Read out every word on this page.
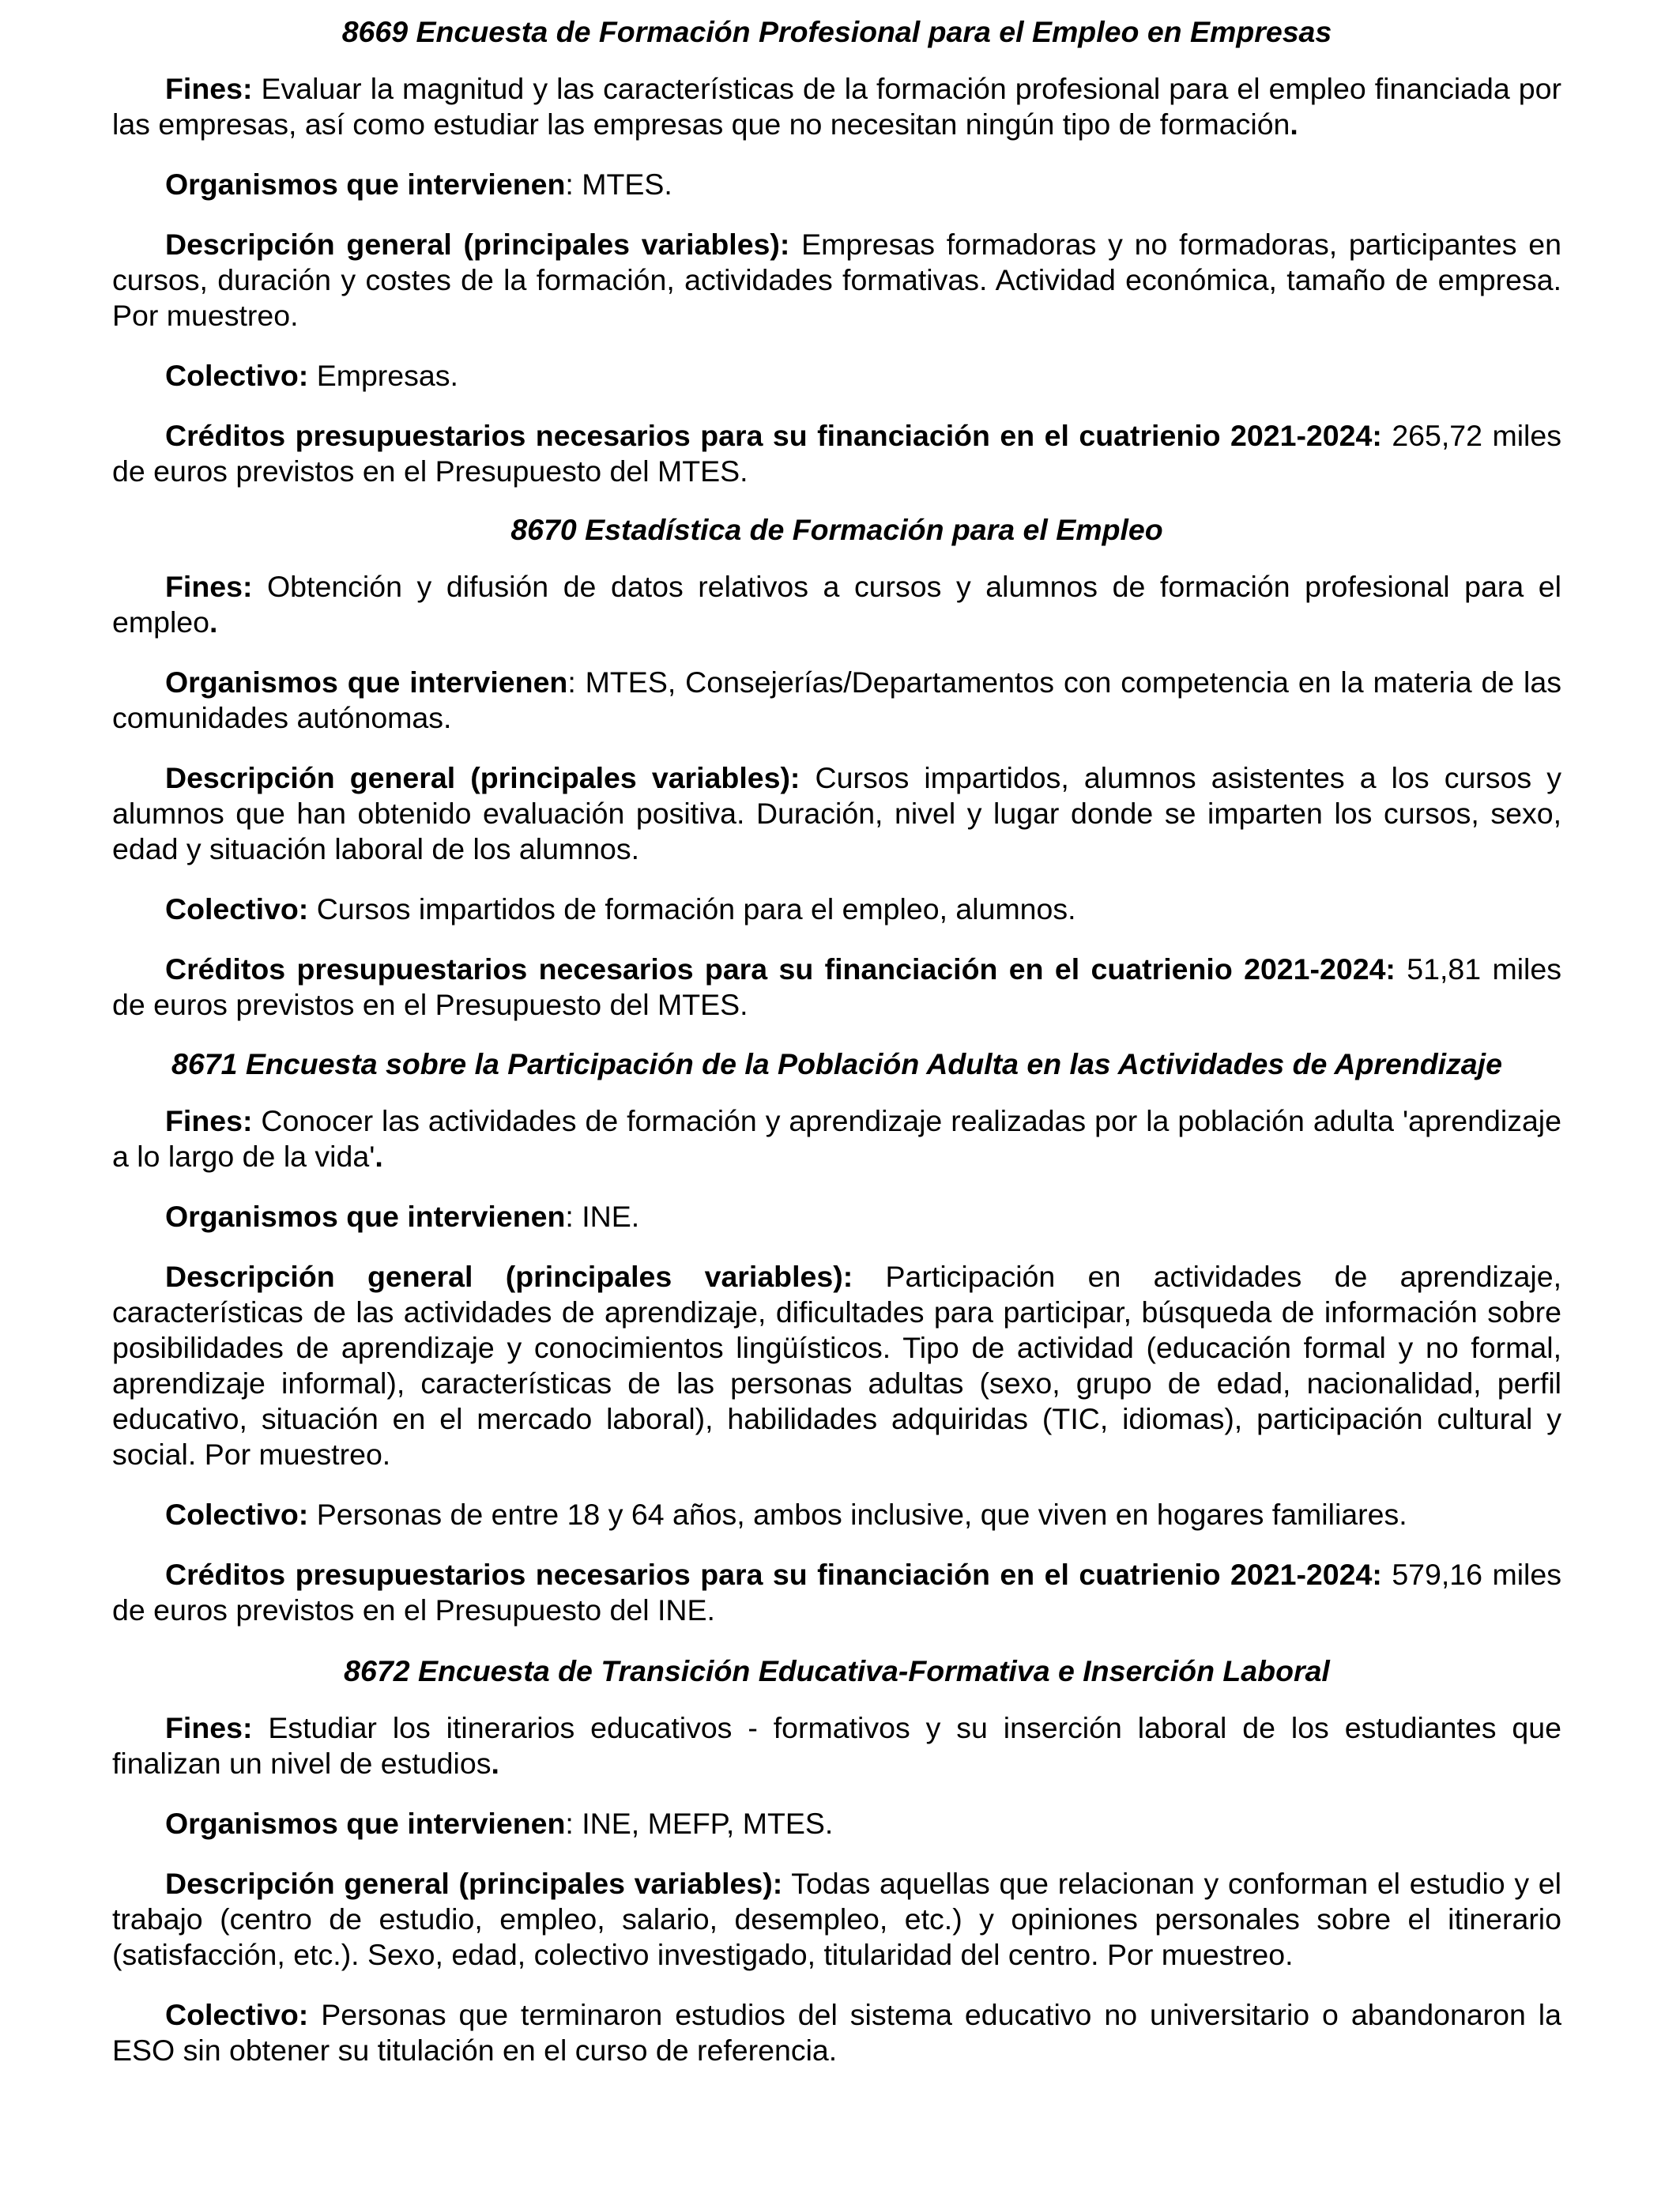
8669 Encuesta de Formación Profesional para el Empleo en Empresas

Fines: Evaluar la magnitud y las características de la formación profesional para el empleo financiada por las empresas, así como estudiar las empresas que no necesitan ningún tipo de formación.

Organismos que intervienen: MTES.

Descripción general (principales variables): Empresas formadoras y no formadoras, participantes en cursos, duración y costes de la formación, actividades formativas. Actividad económica, tamaño de empresa. Por muestreo.

Colectivo: Empresas.

Créditos presupuestarios necesarios para su financiación en el cuatrienio 2021-2024: 265,72 miles de euros previstos en el Presupuesto del MTES.

8670 Estadística de Formación para el Empleo

Fines: Obtención y difusión de datos relativos a cursos y alumnos de formación profesional para el empleo.

Organismos que intervienen: MTES, Consejerías/Departamentos con competencia en la materia de las comunidades autónomas.

Descripción general (principales variables): Cursos impartidos, alumnos asistentes a los cursos y alumnos que han obtenido evaluación positiva. Duración, nivel y lugar donde se imparten los cursos, sexo, edad y situación laboral de los alumnos.

Colectivo: Cursos impartidos de formación para el empleo, alumnos.

Créditos presupuestarios necesarios para su financiación en el cuatrienio 2021-2024: 51,81 miles de euros previstos en el Presupuesto del MTES.

8671 Encuesta sobre la Participación de la Población Adulta en las Actividades de Aprendizaje

Fines: Conocer las actividades de formación y aprendizaje realizadas por la población adulta 'aprendizaje a lo largo de la vida'.

Organismos que intervienen: INE.

Descripción general (principales variables): Participación en actividades de aprendizaje, características de las actividades de aprendizaje, dificultades para participar, búsqueda de información sobre posibilidades de aprendizaje y conocimientos lingüísticos. Tipo de actividad (educación formal y no formal, aprendizaje informal), características de las personas adultas (sexo, grupo de edad, nacionalidad, perfil educativo, situación en el mercado laboral), habilidades adquiridas (TIC, idiomas), participación cultural y social. Por muestreo.

Colectivo: Personas de entre 18 y 64 años, ambos inclusive, que viven en hogares familiares.

Créditos presupuestarios necesarios para su financiación en el cuatrienio 2021-2024: 579,16 miles de euros previstos en el Presupuesto del INE.

8672 Encuesta de Transición Educativa-Formativa e Inserción Laboral

Fines: Estudiar los itinerarios educativos - formativos y su inserción laboral de los estudiantes que finalizan un nivel de estudios.

Organismos que intervienen: INE, MEFP, MTES.

Descripción general (principales variables): Todas aquellas que relacionan y conforman el estudio y el trabajo (centro de estudio, empleo, salario, desempleo, etc.) y opiniones personales sobre el itinerario (satisfacción, etc.). Sexo, edad, colectivo investigado, titularidad del centro. Por muestreo.

Colectivo: Personas que terminaron estudios del sistema educativo no universitario o abandonaron la ESO sin obtener su titulación en el curso de referencia.
